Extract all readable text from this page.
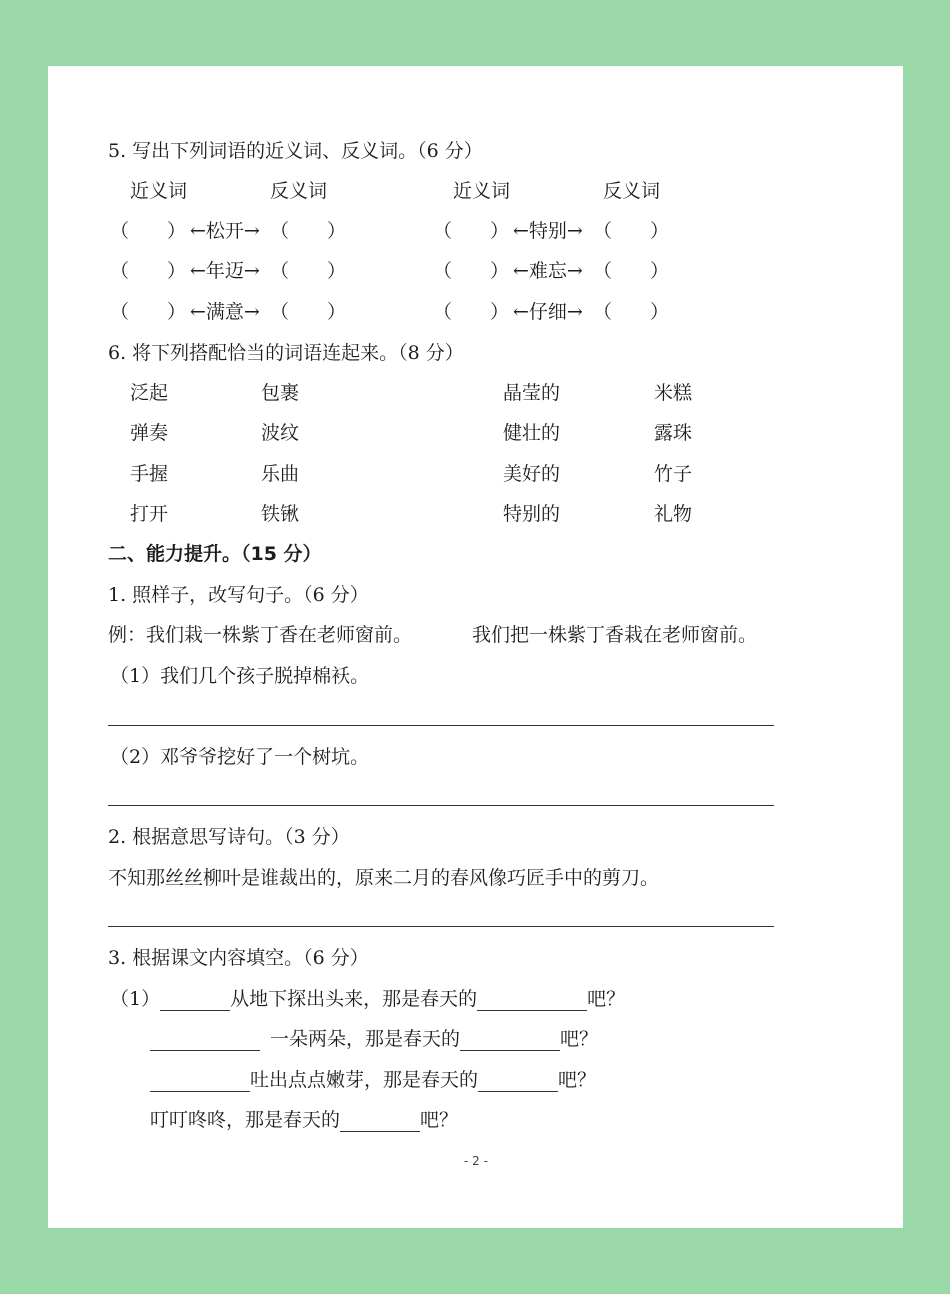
5. 写出下列词语的近义词、反义词。（6 分）
近义词	反义词	近义词	反义词
（　　） ←松开→ （　　）	（　　） ←特别→ （　　）
（　　） ←年迈→ （　　）	（　　） ←难忘→ （　　）
（　　） ←满意→ （　　）	（　　） ←仔细→ （　　）
6. 将下列搭配恰当的词语连起来。（8 分）
泛起	包裹	晶莹的	米糕
弹奏	波纹	健壮的	露珠
手握	乐曲	美好的	竹子
打开	铁锹	特别的	礼物
二、能力提升。（15 分）
1. 照样子，改写句子。（6 分）
例：我们栽一株紫丁香在老师窗前。	我们把一株紫丁香栽在老师窗前。
（1）我们几个孩子脱掉棉袄。
（2）邓爷爷挖好了一个树坑。
2. 根据意思写诗句。（3 分）
不知那丝丝柳叶是谁裁出的，原来二月的春风像巧匠手中的剪刀。
3. 根据课文内容填空。（6 分）
（1）	从地下探出头来，那是春天的	吧？
一朵两朵，那是春天的	吧？
吐出点点嫩芽，那是春天的	吧？
叮叮咚咚，那是春天的	吧？
- 2 -
